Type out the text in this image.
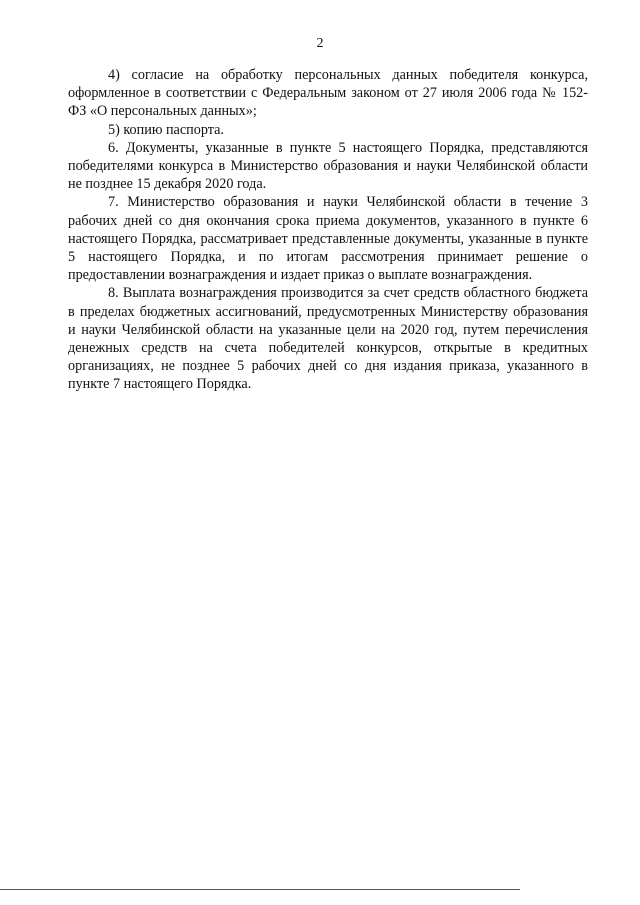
2

4) согласие на обработку персональных данных победителя конкурса, оформленное в соответствии с Федеральным законом от 27 июля 2006 года № 152-ФЗ «О персональных данных»;

5) копию паспорта.

6. Документы, указанные в пункте 5 настоящего Порядка, представляются победителями конкурса в Министерство образования и науки Челябинской области не позднее 15 декабря 2020 года.

7. Министерство образования и науки Челябинской области в течение 3 рабочих дней со дня окончания срока приема документов, указанного в пункте 6 настоящего Порядка, рассматривает представленные документы, указанные в пункте 5 настоящего Порядка, и по итогам рассмотрения принимает решение о предоставлении вознаграждения и издает приказ о выплате вознаграждения.

8. Выплата вознаграждения производится за счет средств областного бюджета в пределах бюджетных ассигнований, предусмотренных Министерству образования и науки Челябинской области на указанные цели на 2020 год, путем перечисления денежных средств на счета победителей конкурсов, открытые в кредитных организациях, не позднее 5 рабочих дней со дня издания приказа, указанного в пункте 7 настоящего Порядка.
